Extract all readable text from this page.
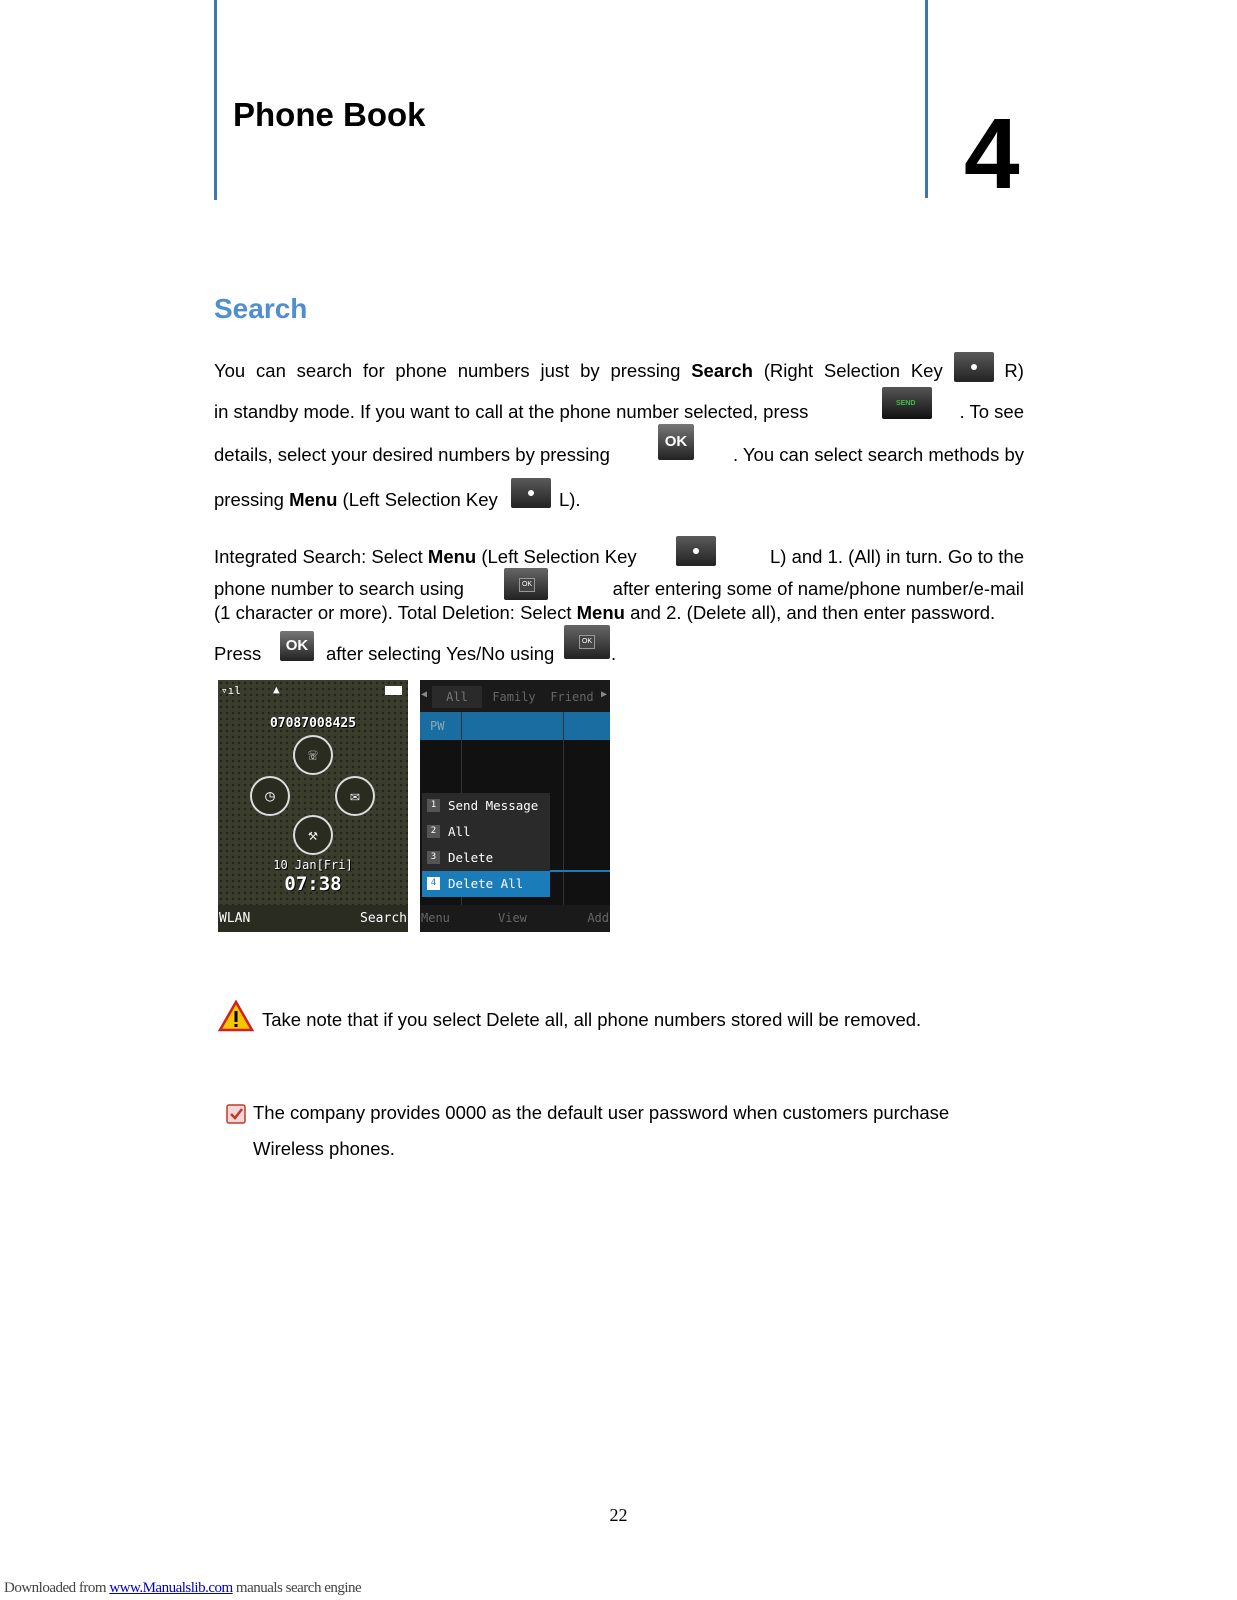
Phone Book	4
Search
You can search for phone numbers just by pressing Search (Right Selection Key	R)
in standby mode. If you want to call at the phone number selected, press SEND	. To see
details, select your desired numbers by pressing
OK
. You can select search methods by
pressing Menu (Left Selection Key	L).
Integrated Search: Select Menu (Left Selection Key	L) and 1. (All) in turn. Go to the
phone number to search using OK	after entering some of name/phone number/e-mail
(1 character or more). Total Deletion: Select Menu and 2. (Delete all), and then enter password.
Press	OK after selecting Yes/No using OK	.
▿ıl	▲
07087008425
☏
◷	✉
⚒
10 Jan[Fri]
07:38
WLAN	Search
◀	All	Family	Friend ▶
PW
1 Send Message
2 All
3 Delete
4 Delete All
Menu	View	Add
Take note that if you select Delete all, all phone numbers stored will be removed.
The company provides 0000 as the default user password when customers purchase
Wireless phones.
22
Downloaded from www.Manualslib.com manuals search engine
